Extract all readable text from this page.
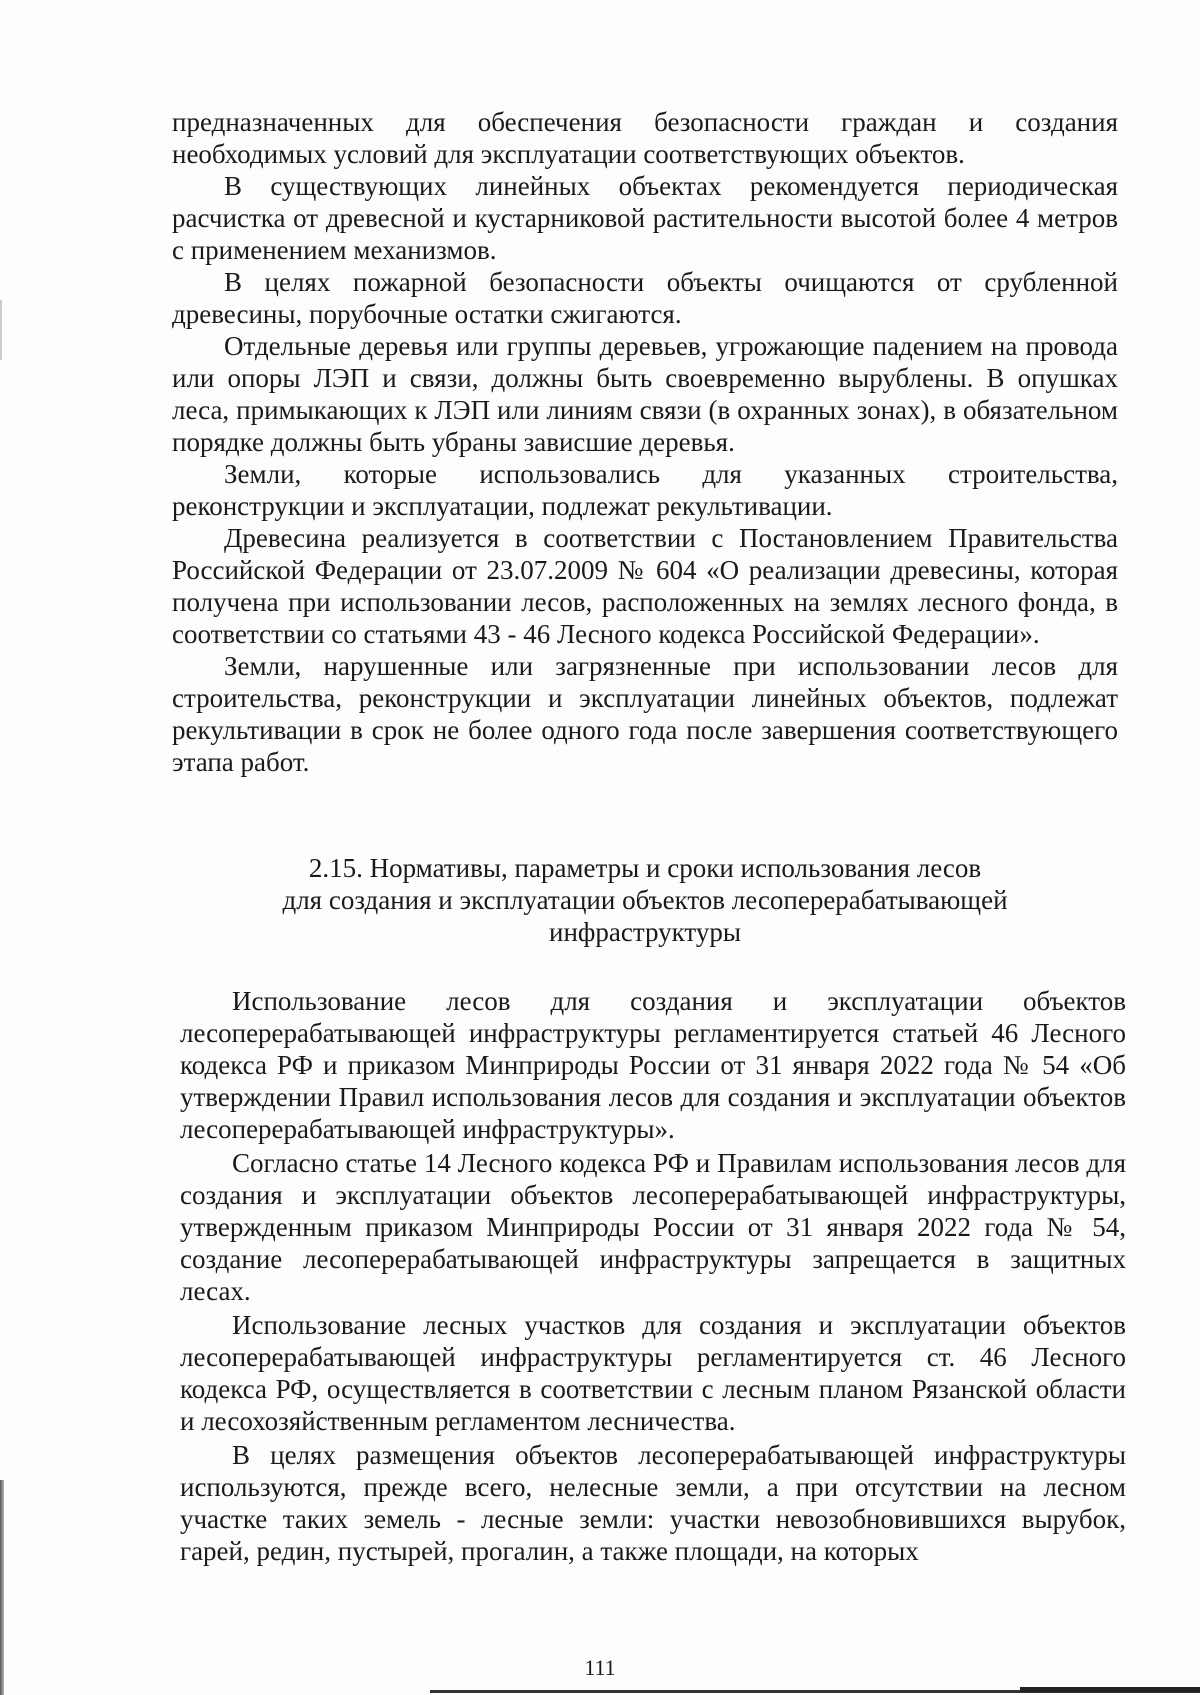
предназначенных для обеспечения безопасности граждан и создания необходимых условий для эксплуатации соответствующих объектов.

В существующих линейных объектах рекомендуется периодическая расчистка от древесной и кустарниковой растительности высотой более 4 метров с применением механизмов.

В целях пожарной безопасности объекты очищаются от срубленной древесины, порубочные остатки сжигаются.

Отдельные деревья или группы деревьев, угрожающие падением на провода или опоры ЛЭП и связи, должны быть своевременно вырублены. В опушках леса, примыкающих к ЛЭП или линиям связи (в охранных зонах), в обязательном порядке должны быть убраны зависшие деревья.

Земли, которые использовались для указанных строительства, реконструкции и эксплуатации, подлежат рекультивации.

Древесина реализуется в соответствии с Постановлением Правительства Российской Федерации от 23.07.2009 № 604 «О реализации древесины, которая получена при использовании лесов, расположенных на землях лесного фонда, в соответствии со статьями 43 - 46 Лесного кодекса Российской Федерации».

Земли, нарушенные или загрязненные при использовании лесов для строительства, реконструкции и эксплуатации линейных объектов, подлежат рекультивации в срок не более одного года после завершения соответствующего этапа работ.

2.15. Нормативы, параметры и сроки использования лесов
для создания и эксплуатации объектов лесоперерабатывающей
инфраструктуры

Использование лесов для создания и эксплуатации объектов лесоперерабатывающей инфраструктуры регламентируется статьей 46 Лесного кодекса РФ и приказом Минприроды России от 31 января 2022 года № 54 «Об утверждении Правил использования лесов для создания и эксплуатации объектов лесоперерабатывающей инфраструктуры».

Согласно статье 14 Лесного кодекса РФ и Правилам использования лесов для создания и эксплуатации объектов лесоперерабатывающей инфраструктуры, утвержденным приказом Минприроды России от 31 января 2022 года № 54, создание лесоперерабатывающей инфраструктуры запрещается в защитных лесах.

Использование лесных участков для создания и эксплуатации объектов лесоперерабатывающей инфраструктуры регламентируется ст. 46 Лесного кодекса РФ, осуществляется в соответствии с лесным планом Рязанской области и лесохозяйственным регламентом лесничества.

В целях размещения объектов лесоперерабатывающей инфраструктуры используются, прежде всего, нелесные земли, а при отсутствии на лесном участке таких земель - лесные земли: участки невозобновившихся вырубок, гарей, редин, пустырей, прогалин, а также площади, на которых

111
